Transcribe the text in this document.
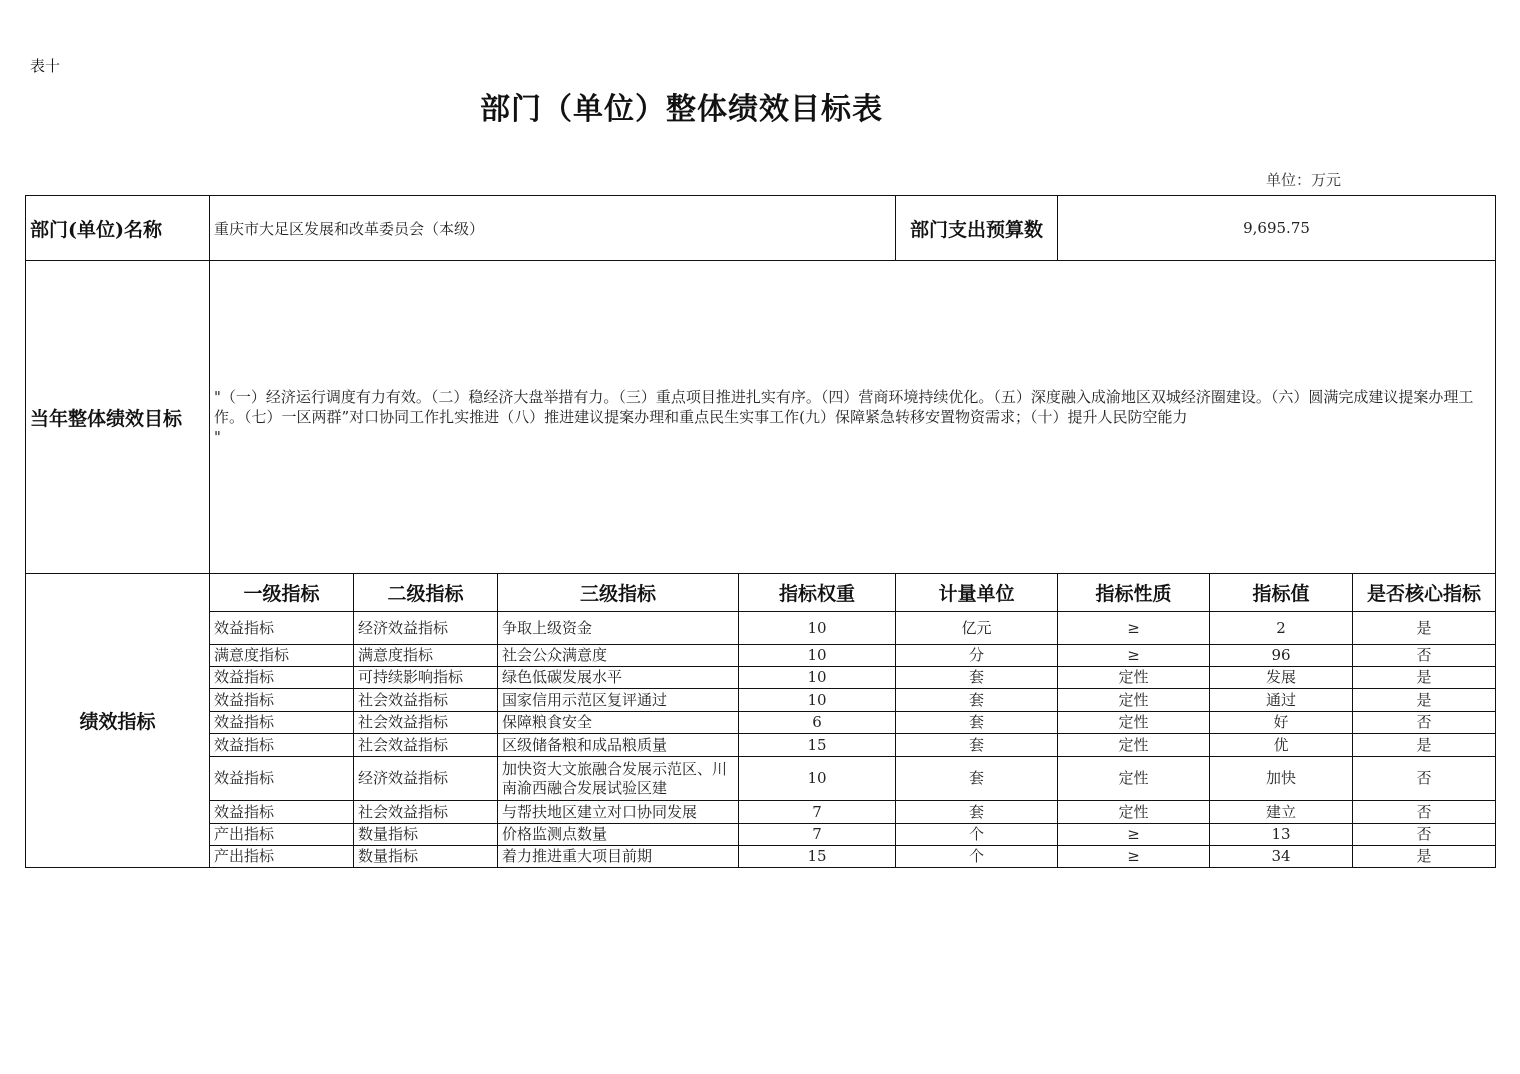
表十
部门（单位）整体绩效目标表
单位：万元
部门(单位)名称	重庆市大足区发展和改革委员会（本级）				部门支出预算数	9,695.75		
当年整体绩效目标	"（一）经济运行调度有力有效。（二）稳经济大盘举措有力。（三）重点项目推进扎实有序。（四）营商环境持续优化。（五）深度融入成渝地区双城经济圈建设。（六）圆满完成建议提案办理工作。（七）一区两群”对口协同工作扎实推进（八）推进建议提案办理和重点民生实事工作(九）保障紧急转移安置物资需求；（十）提升人民防空能力
"							
绩效指标	一级指标	二级指标	三级指标	指标权重	计量单位	指标性质	指标值	是否核心指标
	效益指标	经济效益指标	争取上级资金	10	亿元	≥	2	是
	满意度指标	满意度指标	社会公众满意度	10	分	≥	96	否
	效益指标	可持续影响指标	绿色低碳发展水平	10	套	定性	发展	是
	效益指标	社会效益指标	国家信用示范区复评通过	10	套	定性	通过	是
	效益指标	社会效益指标	保障粮食安全	6	套	定性	好	否
	效益指标	社会效益指标	区级储备粮和成品粮质量	15	套	定性	优	是
	效益指标	经济效益指标	加快资大文旅融合发展示范区、川南渝西融合发展试验区建	10	套	定性	加快	否
	效益指标	社会效益指标	与帮扶地区建立对口协同发展	7	套	定性	建立	否
	产出指标	数量指标	价格监测点数量	7	个	≥	13	否
	产出指标	数量指标	着力推进重大项目前期	15	个	≥	34	是
